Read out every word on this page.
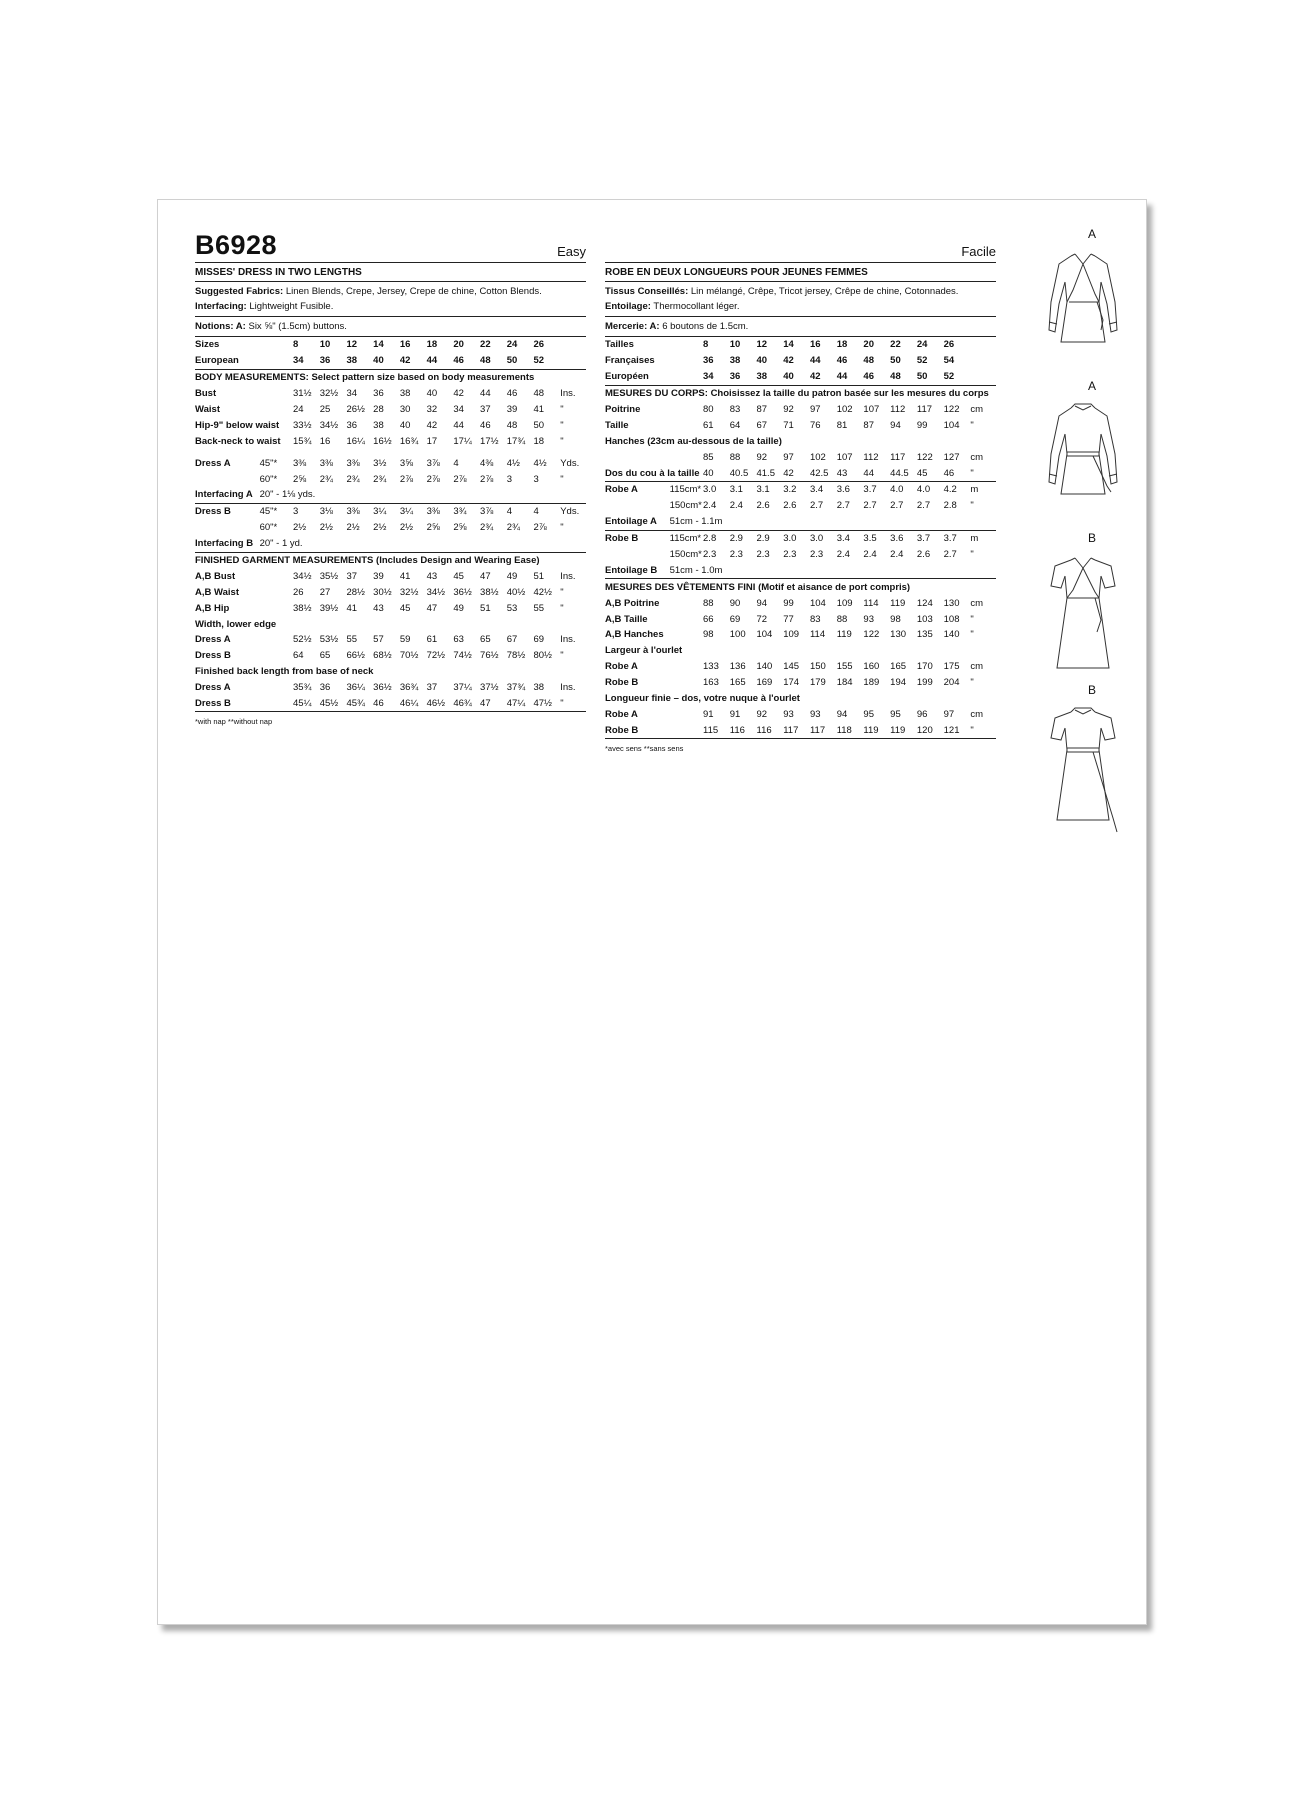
B6928	Easy
MISSES' DRESS IN TWO LENGTHS
Suggested Fabrics: Linen Blends, Crepe, Jersey, Crepe de chine, Cotton Blends. Interfacing: Lightweight Fusible.
Notions: A: Six ⅝" (1.5cm) buttons.
Sizes		8	10	12	14	16	18	20	22	24	26	
European		34	36	38	40	42	44	46	48	50	52	
BODY MEASUREMENTS: Select pattern size based on body measurements												
Bust		31½	32½	34	36	38	40	42	44	46	48	Ins.
Waist		24	25	26½	28	30	32	34	37	39	41	"
Hip-9" below waist		33½	34½	36	38	40	42	44	46	48	50	"
Back-neck to waist		15¾	16	16¼	16½	16¾	17	17¼	17½	17¾	18	"

Dress A	45"*	3⅜	3⅜	3⅜	3½	3⅝	3⅞	4	4⅜	4½	4½	Yds.
	60"*	2⅝	2¾	2¾	2¾	2⅞	2⅞	2⅞	2⅞	3	3	"
Interfacing A	20" - 1⅛ yds.											
Dress B	45"*	3	3⅛	3⅜	3¼	3¼	3⅜	3¾	3⅞	4	4	Yds.
	60"*	2½	2½	2½	2½	2½	2⅝	2⅝	2¾	2¾	2⅞	"
Interfacing B	20" - 1 yd.											
FINISHED GARMENT MEASUREMENTS (Includes Design and Wearing Ease)												
A,B Bust		34½	35½	37	39	41	43	45	47	49	51	Ins.
A,B Waist		26	27	28½	30½	32½	34½	36½	38½	40½	42½	"
A,B Hip		38½	39½	41	43	45	47	49	51	53	55	"
Width, lower edge												
Dress A		52½	53½	55	57	59	61	63	65	67	69	Ins.
Dress B		64	65	66½	68½	70½	72½	74½	76½	78½	80½	"
Finished back length from base of neck												
Dress A		35¾	36	36¼	36½	36¾	37	37¼	37½	37¾	38	Ins.
Dress B		45¼	45½	45¾	46	46¼	46½	46¾	47	47¼	47½	"
*with nap **without nap
Facile
ROBE EN DEUX LONGUEURS POUR JEUNES FEMMES
Tissus Conseillés: Lin mélangé, Crêpe, Tricot jersey, Crêpe de chine, Cotonnades. Entoilage: Thermocollant léger.
Mercerie: A: 6 boutons de 1.5cm.
Tailles		8	10	12	14	16	18	20	22	24	26	
Françaises		36	38	40	42	44	46	48	50	52	54	
Européen		34	36	38	40	42	44	46	48	50	52	
MESURES DU CORPS: Choisissez la taille du patron basée sur les mesures du corps												
Poitrine		80	83	87	92	97	102	107	112	117	122	cm
Taille		61	64	67	71	76	81	87	94	99	104	"
Hanches (23cm au-dessous de la taille)												
		85	88	92	97	102	107	112	117	122	127	cm
Dos du cou à la taille		40	40.5	41.5	42	42.5	43	44	44.5	45	46	"
Robe A	115cm*	3.0	3.1	3.1	3.2	3.4	3.6	3.7	4.0	4.0	4.2	m
	150cm*	2.4	2.4	2.6	2.6	2.7	2.7	2.7	2.7	2.7	2.8	"
Entoilage A	51cm - 1.1m											
Robe B	115cm*	2.8	2.9	2.9	3.0	3.0	3.4	3.5	3.6	3.7	3.7	m
	150cm*	2.3	2.3	2.3	2.3	2.3	2.4	2.4	2.4	2.6	2.7	"
Entoilage B	51cm - 1.0m											
MESURES DES VÊTEMENTS FINI (Motif et aisance de port compris)												
A,B Poitrine		88	90	94	99	104	109	114	119	124	130	cm
A,B Taille		66	69	72	77	83	88	93	98	103	108	"
A,B Hanches		98	100	104	109	114	119	122	130	135	140	"
Largeur à l'ourlet												
Robe A		133	136	140	145	150	155	160	165	170	175	cm
Robe B		163	165	169	174	179	184	189	194	199	204	"
Longueur finie – dos, votre nuque à l'ourlet												
Robe A		91	91	92	93	93	94	95	95	96	97	cm
Robe B		115	116	116	117	117	118	119	119	120	121	"
*avec sens **sans sens
A
A
B
B
